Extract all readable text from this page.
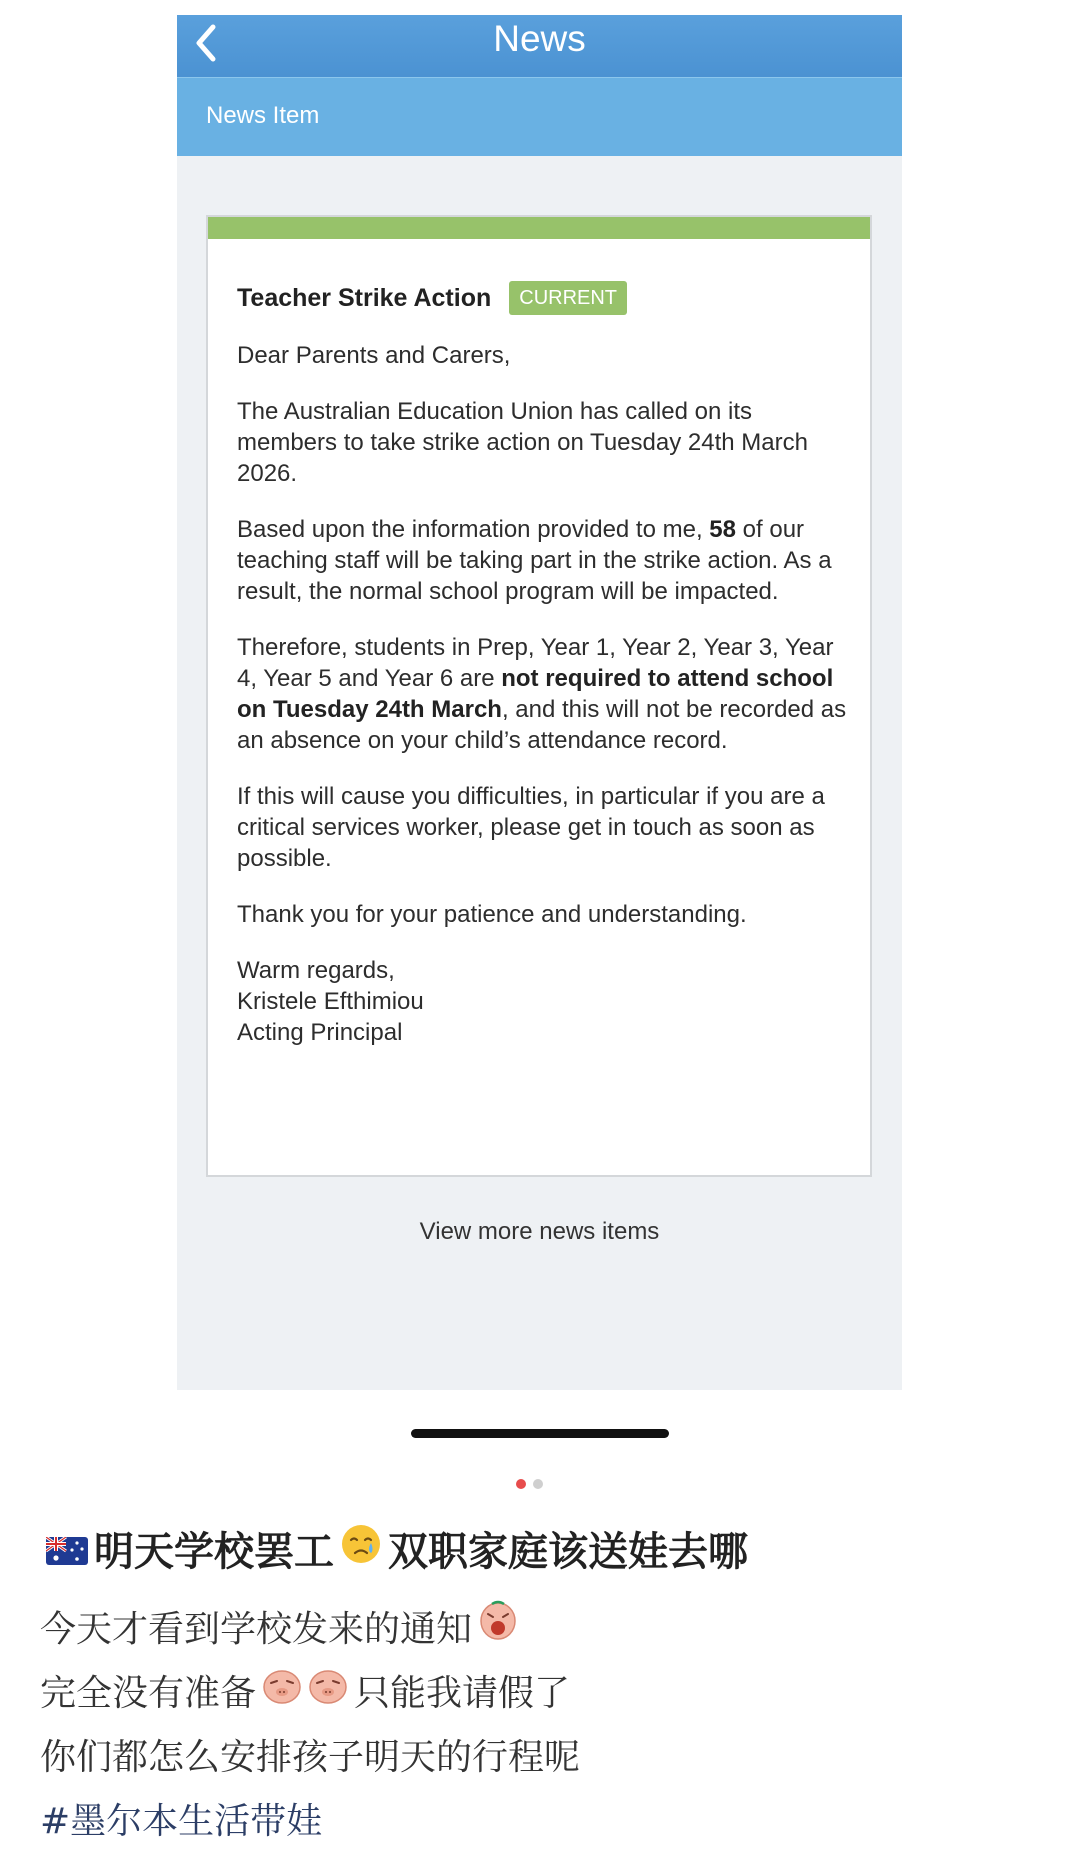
News
News Item
Teacher Strike Action	CURRENT

Dear Parents and Carers,

The Australian Education Union has called on its members to take strike action on Tuesday 24th March 2026.

Based upon the information provided to me, 58 of our teaching staff will be taking part in the strike action. As a result, the normal school program will be impacted.

Therefore, students in Prep, Year 1, Year 2, Year 3, Year 4, Year 5 and Year 6 are not required to attend school on Tuesday 24th March, and this will not be recorded as an absence on your child’s attendance record.

If this will cause you difficulties, in particular if you are a critical services worker, please get in touch as soon as possible.

Thank you for your patience and understanding.

Warm regards,
Kristele Efthimiou
Acting Principal
View more news items
明天学校罢工 双职家庭该送娃去哪
今天才看到学校发来的通知
完全没有准备	只能我请假了
你们都怎么安排孩子明天的行程呢
#墨尔本生活带娃
